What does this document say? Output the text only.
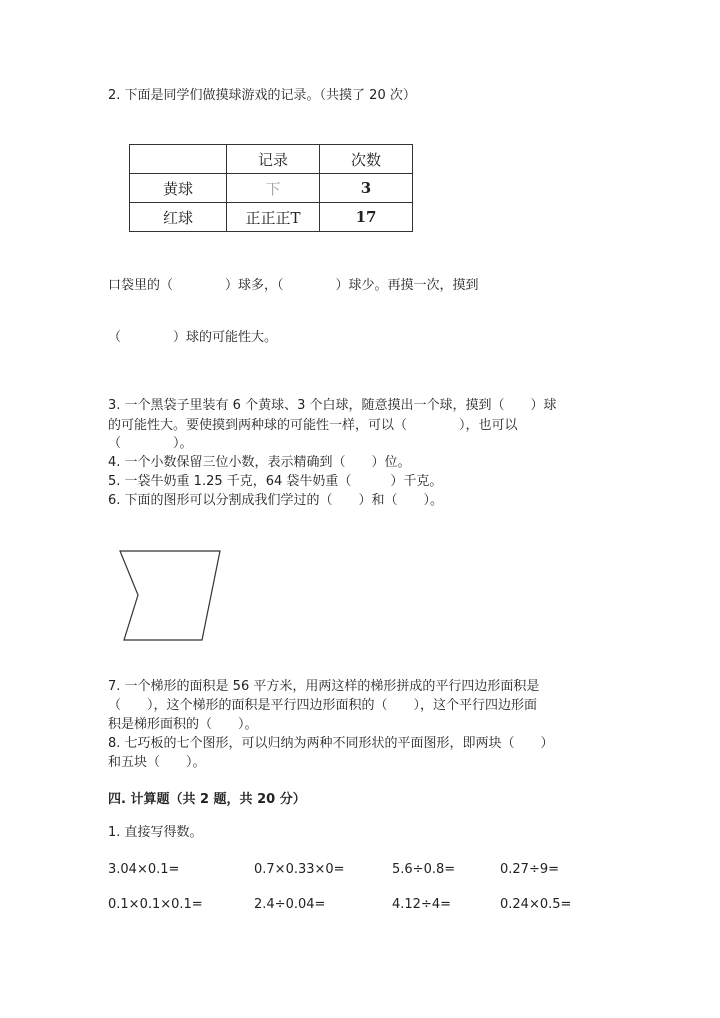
2. 下面是同学们做摸球游戏的记录。（共摸了 20 次）
	记录	次数
黄球	下	3
红球	正正正T	17
口袋里的（　　　　）球多，（　　　　）球少。再摸一次，摸到
（　　　　）球的可能性大。
3. 一个黑袋子里装有 6 个黄球、3 个白球，随意摸出一个球，摸到（　　）球
的可能性大。要使摸到两种球的可能性一样，可以（　　　　），也可以
（　　　　）。
4. 一个小数保留三位小数，表示精确到（　　）位。
5. 一袋牛奶重 1.25 千克，64 袋牛奶重（　　　）千克。
6. 下面的图形可以分割成我们学过的（　　）和（　　）。
7. 一个梯形的面积是 56 平方米，用两这样的梯形拼成的平行四边形面积是
（　　），这个梯形的面积是平行四边形面积的（　　），这个平行四边形面
积是梯形面积的（　　）。
8. 七巧板的七个图形，可以归纳为两种不同形状的平面图形，即两块（　　）
和五块（　　）。
四. 计算题（共 2 题，共 20 分）
1. 直接写得数。
3.04×0.1=	0.7×0.33×0=	5.6÷0.8=	0.27÷9=
0.1×0.1×0.1=	2.4÷0.04=	4.12÷4=	0.24×0.5=
